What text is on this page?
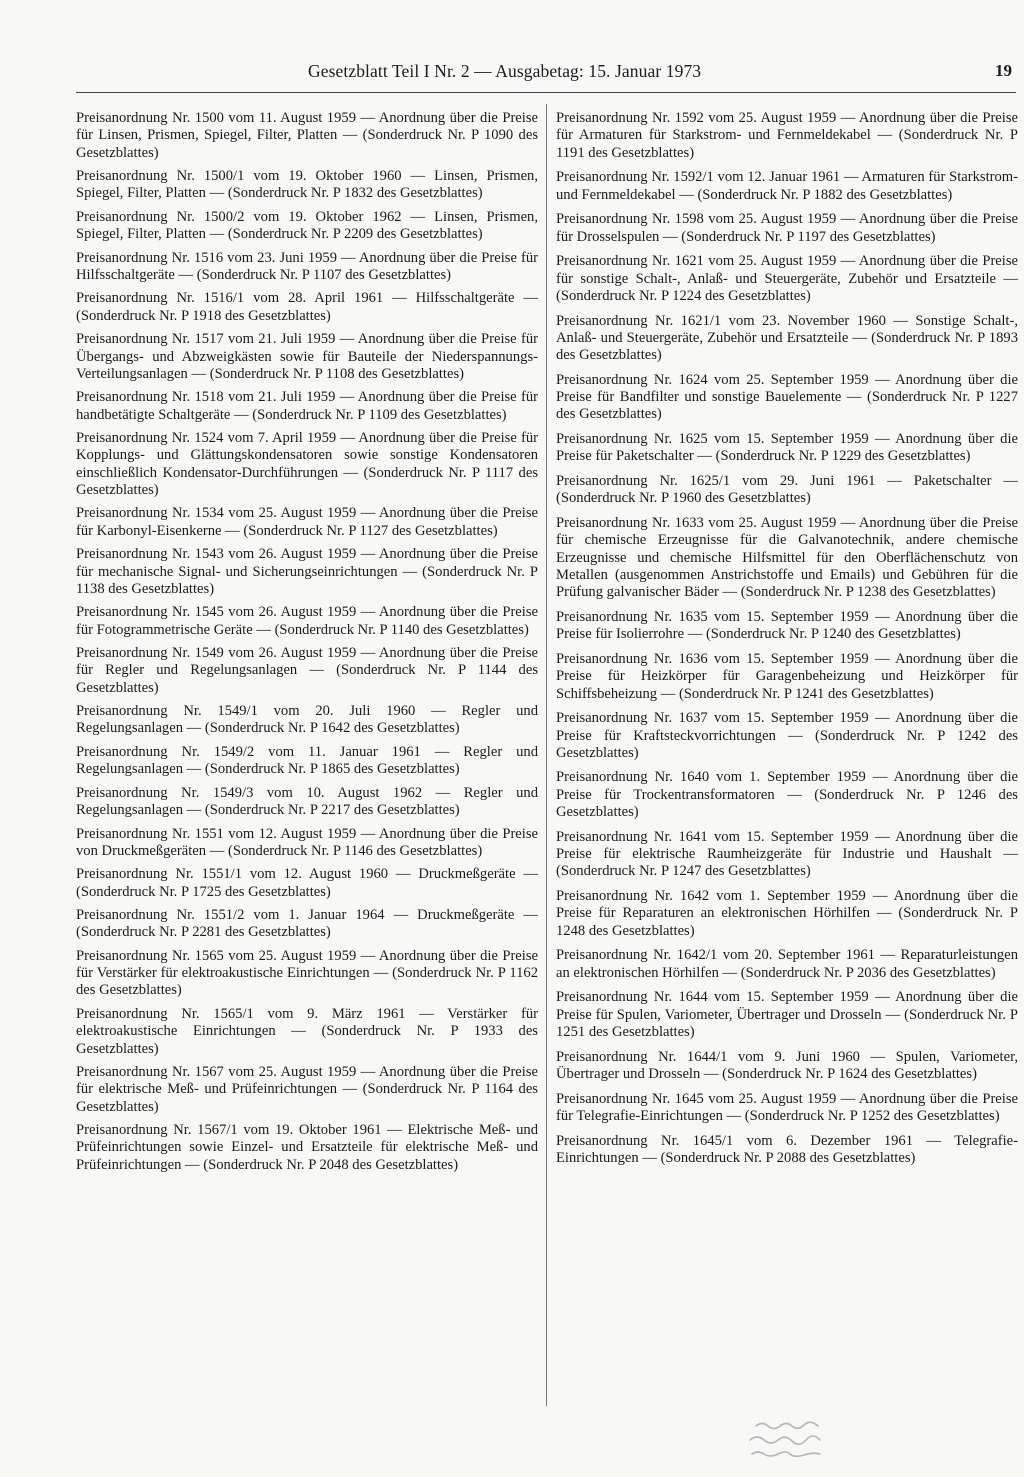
Gesetzblatt Teil I Nr. 2 — Ausgabetag: 15. Januar 1973	19

Preisanordnung Nr. 1500 vom 11. August 1959 — Anordnung über die Preise für Linsen, Prismen, Spiegel, Filter, Platten — (Sonderdruck Nr. P 1090 des Gesetzblattes)

Preisanordnung Nr. 1500/1 vom 19. Oktober 1960 — Linsen, Prismen, Spiegel, Filter, Platten — (Sonderdruck Nr. P 1832 des Gesetzblattes)

Preisanordnung Nr. 1500/2 vom 19. Oktober 1962 — Linsen, Prismen, Spiegel, Filter, Platten — (Sonderdruck Nr. P 2209 des Gesetzblattes)

Preisanordnung Nr. 1516 vom 23. Juni 1959 — Anordnung über die Preise für Hilfsschaltgeräte — (Sonderdruck Nr. P 1107 des Gesetzblattes)

Preisanordnung Nr. 1516/1 vom 28. April 1961 — Hilfsschaltgeräte — (Sonderdruck Nr. P 1918 des Gesetzblattes)

Preisanordnung Nr. 1517 vom 21. Juli 1959 — Anordnung über die Preise für Übergangs- und Abzweigkästen sowie für Bauteile der Niederspannungs-Verteilungsanlagen — (Sonderdruck Nr. P 1108 des Gesetzblattes)

Preisanordnung Nr. 1518 vom 21. Juli 1959 — Anordnung über die Preise für handbetätigte Schaltgeräte — (Sonderdruck Nr. P 1109 des Gesetzblattes)

Preisanordnung Nr. 1524 vom 7. April 1959 — Anordnung über die Preise für Kopplungs- und Glättungskondensatoren sowie sonstige Kondensatoren einschließlich Kondensator-Durchführungen — (Sonderdruck Nr. P 1117 des Gesetzblattes)

Preisanordnung Nr. 1534 vom 25. August 1959 — Anordnung über die Preise für Karbonyl-Eisenkerne — (Sonderdruck Nr. P 1127 des Gesetzblattes)

Preisanordnung Nr. 1543 vom 26. August 1959 — Anordnung über die Preise für mechanische Signal- und Sicherungseinrichtungen — (Sonderdruck Nr. P 1138 des Gesetzblattes)

Preisanordnung Nr. 1545 vom 26. August 1959 — Anordnung über die Preise für Fotogrammetrische Geräte — (Sonderdruck Nr. P 1140 des Gesetzblattes)

Preisanordnung Nr. 1549 vom 26. August 1959 — Anordnung über die Preise für Regler und Regelungsanlagen — (Sonderdruck Nr. P 1144 des Gesetzblattes)

Preisanordnung Nr. 1549/1 vom 20. Juli 1960 — Regler und Regelungsanlagen — (Sonderdruck Nr. P 1642 des Gesetzblattes)

Preisanordnung Nr. 1549/2 vom 11. Januar 1961 — Regler und Regelungsanlagen — (Sonderdruck Nr. P 1865 des Gesetzblattes)

Preisanordnung Nr. 1549/3 vom 10. August 1962 — Regler und Regelungsanlagen — (Sonderdruck Nr. P 2217 des Gesetzblattes)

Preisanordnung Nr. 1551 vom 12. August 1959 — Anordnung über die Preise von Druckmeßgeräten — (Sonderdruck Nr. P 1146 des Gesetzblattes)

Preisanordnung Nr. 1551/1 vom 12. August 1960 — Druckmeßgeräte — (Sonderdruck Nr. P 1725 des Gesetzblattes)

Preisanordnung Nr. 1551/2 vom 1. Januar 1964 — Druckmeßgeräte — (Sonderdruck Nr. P 2281 des Gesetzblattes)

Preisanordnung Nr. 1565 vom 25. August 1959 — Anordnung über die Preise für Verstärker für elektroakustische Einrichtungen — (Sonderdruck Nr. P 1162 des Gesetzblattes)

Preisanordnung Nr. 1565/1 vom 9. März 1961 — Verstärker für elektroakustische Einrichtungen — (Sonderdruck Nr. P 1933 des Gesetzblattes)

Preisanordnung Nr. 1567 vom 25. August 1959 — Anordnung über die Preise für elektrische Meß- und Prüfeinrichtungen — (Sonderdruck Nr. P 1164 des Gesetzblattes)

Preisanordnung Nr. 1567/1 vom 19. Oktober 1961 — Elektrische Meß- und Prüfeinrichtungen sowie Einzel- und Ersatzteile für elektrische Meß- und Prüfeinrichtungen — (Sonderdruck Nr. P 2048 des Gesetzblattes)

Preisanordnung Nr. 1592 vom 25. August 1959 — Anordnung über die Preise für Armaturen für Starkstrom- und Fernmeldekabel — (Sonderdruck Nr. P 1191 des Gesetzblattes)

Preisanordnung Nr. 1592/1 vom 12. Januar 1961 — Armaturen für Starkstrom- und Fernmeldekabel — (Sonderdruck Nr. P 1882 des Gesetzblattes)

Preisanordnung Nr. 1598 vom 25. August 1959 — Anordnung über die Preise für Drosselspulen — (Sonderdruck Nr. P 1197 des Gesetzblattes)

Preisanordnung Nr. 1621 vom 25. August 1959 — Anordnung über die Preise für sonstige Schalt-, Anlaß- und Steuergeräte, Zubehör und Ersatzteile — (Sonderdruck Nr. P 1224 des Gesetzblattes)

Preisanordnung Nr. 1621/1 vom 23. November 1960 — Sonstige Schalt-, Anlaß- und Steuergeräte, Zubehör und Ersatzteile — (Sonderdruck Nr. P 1893 des Gesetzblattes)

Preisanordnung Nr. 1624 vom 25. September 1959 — Anordnung über die Preise für Bandfilter und sonstige Bauelemente — (Sonderdruck Nr. P 1227 des Gesetzblattes)

Preisanordnung Nr. 1625 vom 15. September 1959 — Anordnung über die Preise für Paketschalter — (Sonderdruck Nr. P 1229 des Gesetzblattes)

Preisanordnung Nr. 1625/1 vom 29. Juni 1961 — Paketschalter — (Sonderdruck Nr. P 1960 des Gesetzblattes)

Preisanordnung Nr. 1633 vom 25. August 1959 — Anordnung über die Preise für chemische Erzeugnisse für die Galvanotechnik, andere chemische Erzeugnisse und chemische Hilfsmittel für den Oberflächenschutz von Metallen (ausgenommen Anstrichstoffe und Emails) und Gebühren für die Prüfung galvanischer Bäder — (Sonderdruck Nr. P 1238 des Gesetzblattes)

Preisanordnung Nr. 1635 vom 15. September 1959 — Anordnung über die Preise für Isolierrohre — (Sonderdruck Nr. P 1240 des Gesetzblattes)

Preisanordnung Nr. 1636 vom 15. September 1959 — Anordnung über die Preise für Heizkörper für Garagenbeheizung und Heizkörper für Schiffsbeheizung — (Sonderdruck Nr. P 1241 des Gesetzblattes)

Preisanordnung Nr. 1637 vom 15. September 1959 — Anordnung über die Preise für Kraftsteckvorrichtungen — (Sonderdruck Nr. P 1242 des Gesetzblattes)

Preisanordnung Nr. 1640 vom 1. September 1959 — Anordnung über die Preise für Trockentransformatoren — (Sonderdruck Nr. P 1246 des Gesetzblattes)

Preisanordnung Nr. 1641 vom 15. September 1959 — Anordnung über die Preise für elektrische Raumheizgeräte für Industrie und Haushalt — (Sonderdruck Nr. P 1247 des Gesetzblattes)

Preisanordnung Nr. 1642 vom 1. September 1959 — Anordnung über die Preise für Reparaturen an elektronischen Hörhilfen — (Sonderdruck Nr. P 1248 des Gesetzblattes)

Preisanordnung Nr. 1642/1 vom 20. September 1961 — Reparaturleistungen an elektronischen Hörhilfen — (Sonderdruck Nr. P 2036 des Gesetzblattes)

Preisanordnung Nr. 1644 vom 15. September 1959 — Anordnung über die Preise für Spulen, Variometer, Übertrager und Drosseln — (Sonderdruck Nr. P 1251 des Gesetzblattes)

Preisanordnung Nr. 1644/1 vom 9. Juni 1960 — Spulen, Variometer, Übertrager und Drosseln — (Sonderdruck Nr. P 1624 des Gesetzblattes)

Preisanordnung Nr. 1645 vom 25. August 1959 — Anordnung über die Preise für Telegrafie-Einrichtungen — (Sonderdruck Nr. P 1252 des Gesetzblattes)

Preisanordnung Nr. 1645/1 vom 6. Dezember 1961 — Telegrafie-Einrichtungen — (Sonderdruck Nr. P 2088 des Gesetzblattes)
